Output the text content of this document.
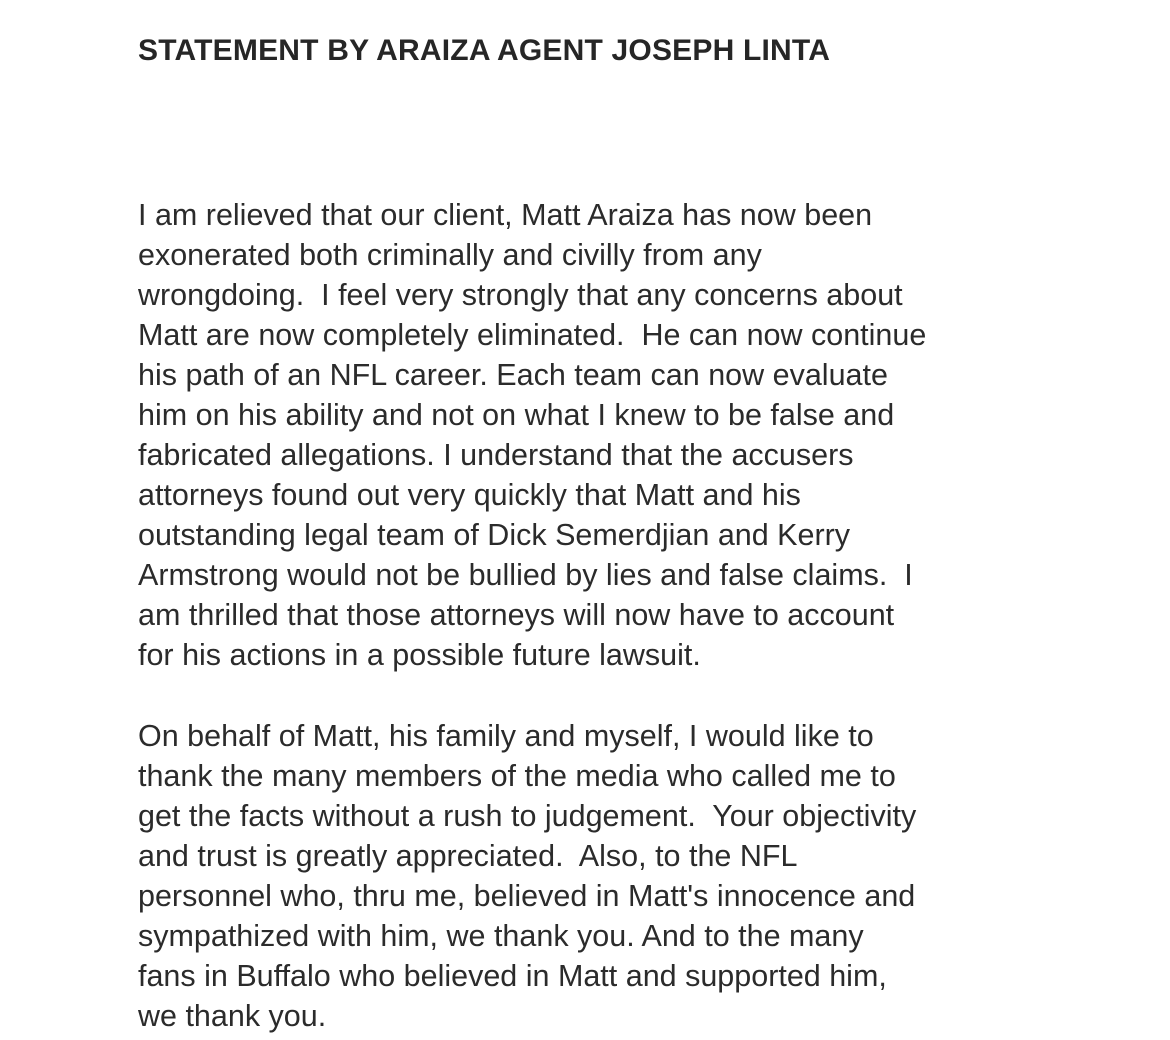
STATEMENT BY ARAIZA AGENT JOSEPH LINTA

I am relieved that our client, Matt Araiza has now been
exonerated both criminally and civilly from any
wrongdoing.  I feel very strongly that any concerns about
Matt are now completely eliminated.  He can now continue
his path of an NFL career. Each team can now evaluate
him on his ability and not on what I knew to be false and
fabricated allegations. I understand that the accusers
attorneys found out very quickly that Matt and his
outstanding legal team of Dick Semerdjian and Kerry
Armstrong would not be bullied by lies and false claims.  I
am thrilled that those attorneys will now have to account
for his actions in a possible future lawsuit.

On behalf of Matt, his family and myself, I would like to
thank the many members of the media who called me to
get the facts without a rush to judgement.  Your objectivity
and trust is greatly appreciated.  Also, to the NFL
personnel who, thru me, believed in Matt's innocence and
sympathized with him, we thank you. And to the many
fans in Buffalo who believed in Matt and supported him,
we thank you.
